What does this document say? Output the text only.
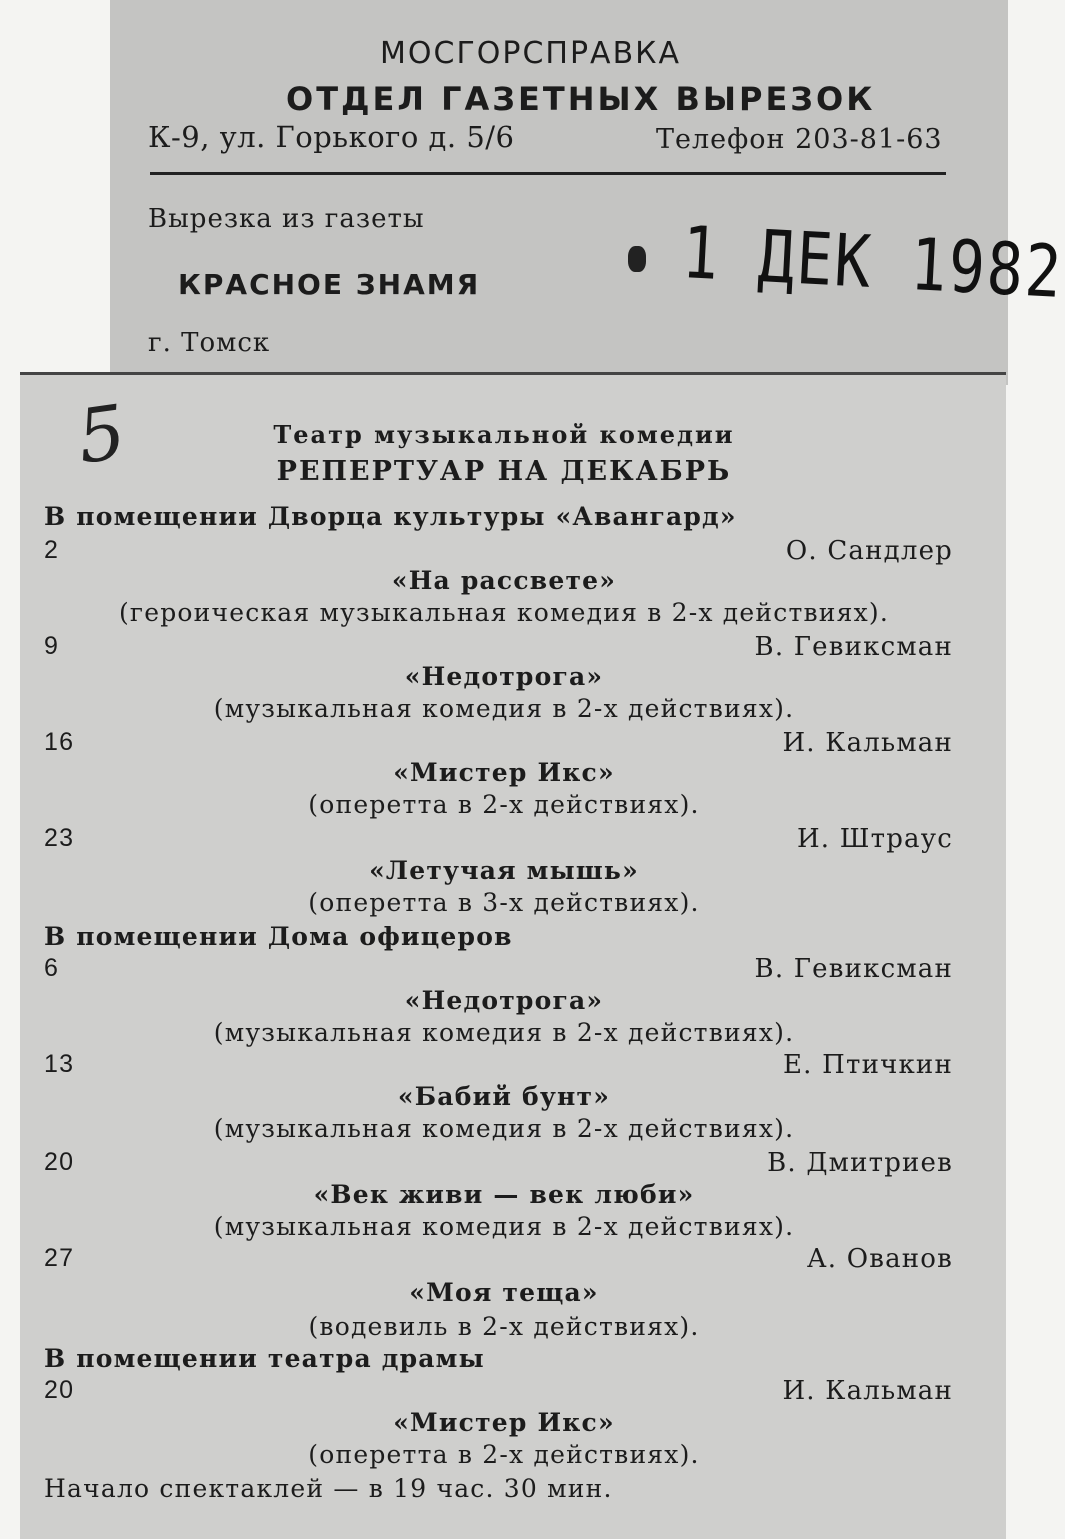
МОСГОРСПРАВКА
ОТДЕЛ ГАЗЕТНЫХ ВЫРЕЗОК
К-9, ул. Горького д. 5/6	Телефон 203-81-63
Вырезка из газеты
КРАСНОЕ ЗНАМЯ
г. Томск
1 ДЕК 1982
5	Театр музыкальной комедии
РЕПЕРТУАР НА ДЕКАБРЬ
В помещении Дворца культуры «Авангард»
2	О. Сандлер
«На рассвете»
(героическая музыкальная комедия в 2-х действиях).
9	В. Гевиксман
«Недотрога»
(музыкальная комедия в 2-х действиях).
16	И. Кальман
«Мистер Икс»
(оперетта в 2-х действиях).
23	И. Штраус
«Летучая мышь»
(оперетта в 3-х действиях).
В помещении Дома офицеров
6	В. Гевиксман
«Недотрога»
(музыкальная комедия в 2-х действиях).
13	Е. Птичкин
«Бабий бунт»
(музыкальная комедия в 2-х действиях).
20	В. Дмитриев
«Век живи — век люби»
(музыкальная комедия в 2-х действиях).
27	А. Ованов
«Моя теща»
(водевиль в 2-х действиях).
В помещении театра драмы
20	И. Кальман
«Мистер Икс»
(оперетта в 2-х действиях).
Начало спектаклей — в 19 час. 30 мин.
